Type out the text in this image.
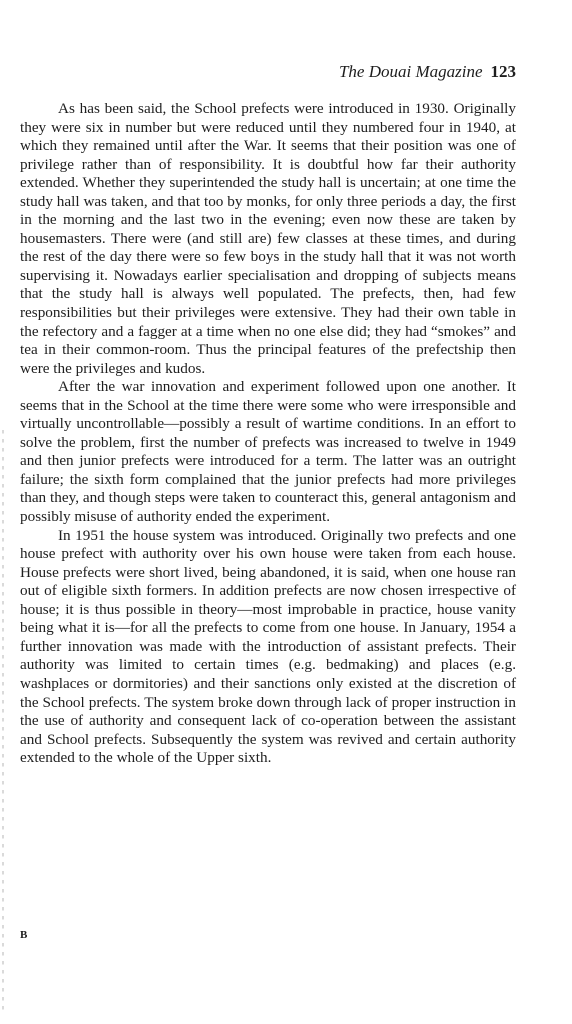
The Douai Magazine 123

As has been said, the School prefects were introduced in 1930. Originally they were six in number but were reduced until they numbered four in 1940, at which they remained until after the War. It seems that their position was one of privilege rather than of responsibility. It is doubtful how far their authority extended. Whether they superintended the study hall is uncertain; at one time the study hall was taken, and that too by monks, for only three periods a day, the first in the morning and the last two in the evening; even now these are taken by housemasters. There were (and still are) few classes at these times, and during the rest of the day there were so few boys in the study hall that it was not worth supervising it. Nowadays earlier specialisation and dropping of subjects means that the study hall is always well populated. The prefects, then, had few responsibilities but their privileges were extensive. They had their own table in the refectory and a fagger at a time when no one else did; they had “smokes” and tea in their common-room. Thus the principal features of the prefectship then were the privileges and kudos.

After the war innovation and experiment followed upon one another. It seems that in the School at the time there were some who were irresponsible and virtually uncontrollable—possibly a result of wartime conditions. In an effort to solve the problem, first the number of prefects was increased to twelve in 1949 and then junior prefects were introduced for a term. The latter was an outright failure; the sixth form complained that the junior prefects had more privileges than they, and though steps were taken to counteract this, general antagonism and possibly misuse of authority ended the experiment.

In 1951 the house system was introduced. Originally two prefects and one house prefect with authority over his own house were taken from each house. House prefects were short lived, being abandoned, it is said, when one house ran out of eligible sixth formers. In addition prefects are now chosen irrespective of house; it is thus possible in theory—most improbable in practice, house vanity being what it is—for all the prefects to come from one house. In January, 1954 a further innovation was made with the introduction of assistant prefects. Their authority was limited to certain times (e.g. bedmaking) and places (e.g. washplaces or dormitories) and their sanctions only existed at the discretion of the School prefects. The system broke down through lack of proper instruction in the use of authority and consequent lack of co-operation between the assistant and School prefects. Subsequently the system was revived and certain authority extended to the whole of the Upper sixth.

B
